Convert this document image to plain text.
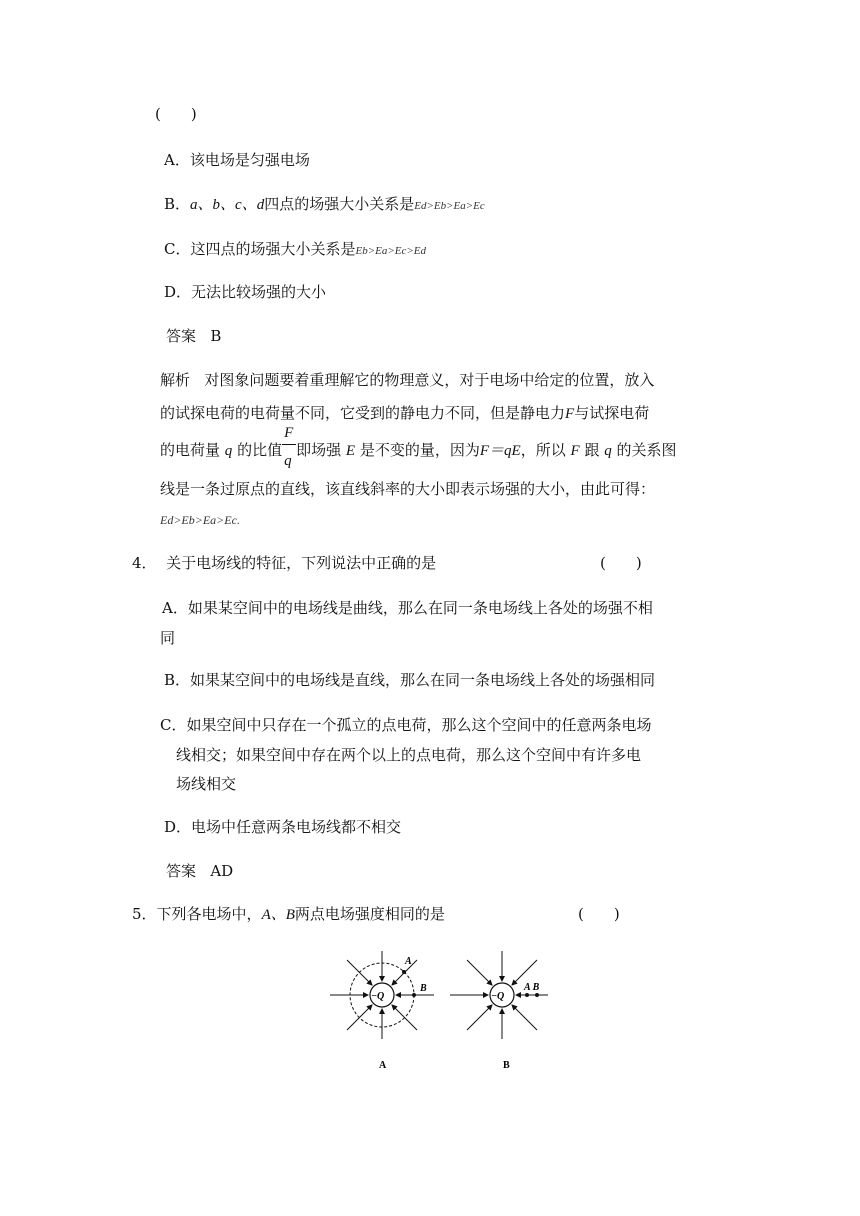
(　　)
A．该电场是匀强电场
B．a、b、c、d四点的场强大小关系是Ed>Eb>Ea>Ec
C．这四点的场强大小关系是Eb>Ea>Ec>Ed
D．无法比较场强的大小
答案 B
解析 对图象问题要着重理解它的物理意义，对于电场中给定的位置，放入
的试探电荷的电荷量不同，它受到的静电力不同，但是静电力F与试探电荷
的电荷量 q 的比值 $\frac{F}{q}$ 即场强 E 是不变的量，因为F＝qE，所以 F 跟 q 的关系图
线是一条过原点的直线，该直线斜率的大小即表示场强的大小，由此可得：
Ed>Eb>Ea>Ec.
4． 关于电场线的特征，下列说法中正确的是	(　　)
A．如果某空间中的电场线是曲线，那么在同一条电场线上各处的场强不相
同
B．如果某空间中的电场线是直线，那么在同一条电场线上各处的场强相同
C．如果空间中只存在一个孤立的点电荷，那么这个空间中的任意两条电场
线相交；如果空间中存在两个以上的点电荷，那么这个空间中有许多电
场线相交
D．电场中任意两条电场线都不相交
答案 AD
5．下列各电场中，A、B两点电场强度相同的是	(　　)
A
B
−Q
A
A B
−Q
B
